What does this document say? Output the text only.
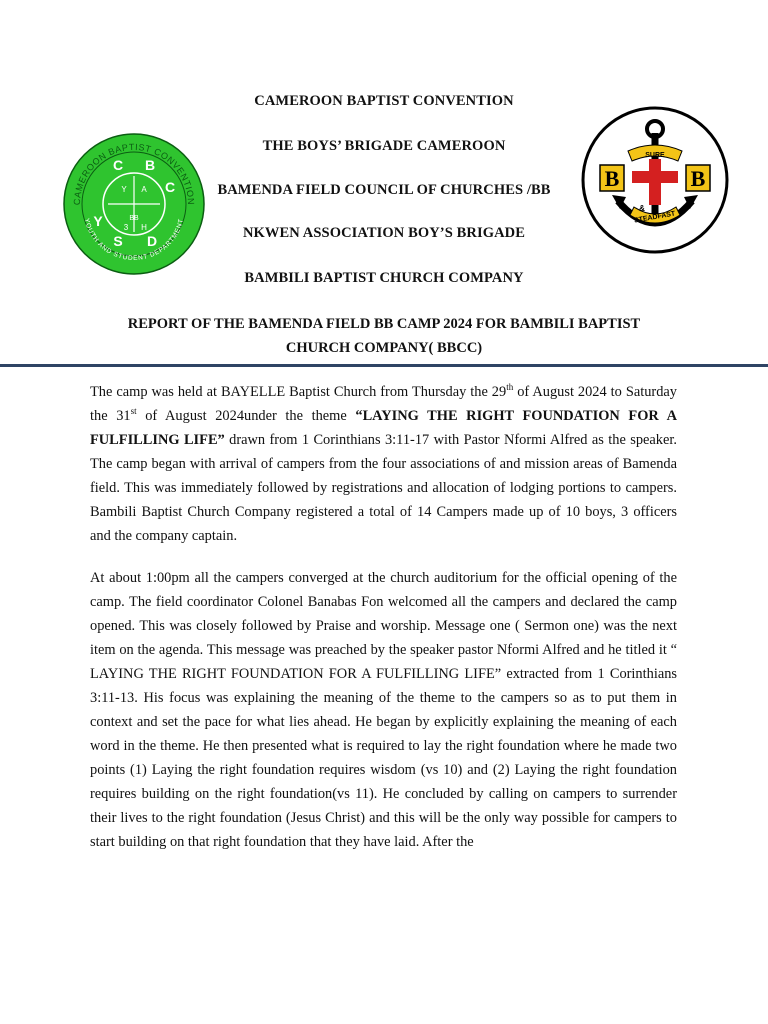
CAMEROON BAPTIST CONVENTION
THE BOYS’ BRIGADE CAMEROON
BAMENDA FIELD COUNCIL OF CHURCHES /BB
NKWEN ASSOCIATION BOY’S BRIGADE
BAMBILI BAPTIST CHURCH COMPANY
CAMEROON BAPTIST CONVENTION
YOUTH AND STUDENT DEPARTMENT
C B
C
Y
S D
Y A
BB
3 H
SURE
STEADFAST
&
B	B
REPORT OF THE BAMENDA FIELD BB CAMP 2024 FOR BAMBILI BAPTIST CHURCH COMPANY( BBCC)

The camp was held at BAYELLE Baptist Church from Thursday the 29th of August 2024 to Saturday the 31st of August 2024under the theme “LAYING THE RIGHT FOUNDATION FOR A FULFILLING LIFE” drawn from 1 Corinthians 3:11-17 with Pastor Nformi Alfred as the speaker. The camp began with arrival of campers from the four associations of and mission areas of Bamenda field. This was immediately followed by registrations and allocation of lodging portions to campers. Bambili Baptist Church Company registered a total of 14 Campers made up of 10 boys, 3 officers and the company captain.

At about 1:00pm all the campers converged at the church auditorium for the official opening of the camp. The field coordinator Colonel Banabas Fon welcomed all the campers and declared the camp opened. This was closely followed by Praise and worship. Message one ( Sermon one) was the next item on the agenda. This message was preached by the speaker pastor Nformi Alfred and he titled it “ LAYING THE RIGHT FOUNDATION FOR A FULFILLING LIFE” extracted from 1 Corinthians 3:11-13. His focus was explaining the meaning of the theme to the campers so as to put them in context and set the pace for what lies ahead. He began by explicitly explaining the meaning of each word in the theme. He then presented what is required to lay the right foundation where he made two points (1) Laying the right foundation requires wisdom (vs 10) and (2) Laying the right foundation requires building on the right foundation(vs 11). He concluded by calling on campers to surrender their lives to the right foundation (Jesus Christ) and this will be the only way possible for campers to start building on that right foundation that they have laid. After the
